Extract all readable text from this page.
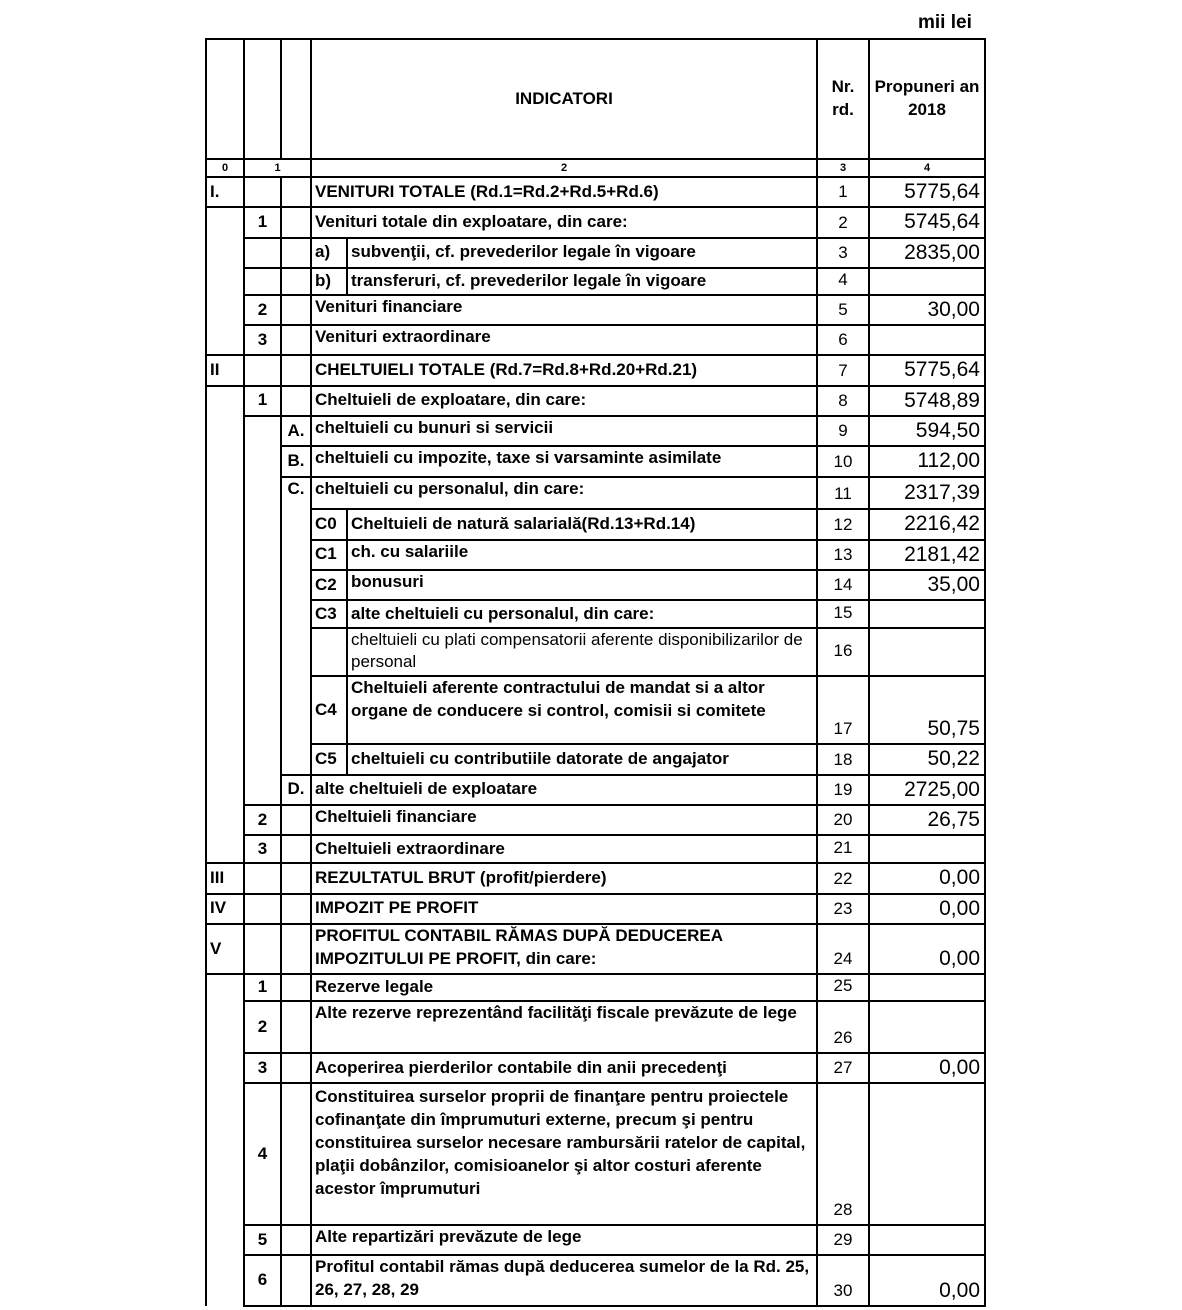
mii lei
			INDICATORI		Nr. rd.	Propuneri an 2018
0	1		2		3	4
I.			VENITURI TOTALE (Rd.1=Rd.2+Rd.5+Rd.6)		1	5775,64
	1		Venituri totale din exploatare, din care:		2	5745,64
			a)	subvenţii, cf. prevederilor legale în vigoare	3	2835,00
			b)	transferuri, cf. prevederilor legale în vigoare	4	
	2		Venituri financiare		5	30,00
	3		Venituri extraordinare		6	
II			CHELTUIELI TOTALE (Rd.7=Rd.8+Rd.20+Rd.21)		7	5775,64
	1		Cheltuieli de exploatare, din care:		8	5748,89
		A.	cheltuieli cu bunuri si servicii		9	594,50
		B.	cheltuieli cu impozite, taxe si varsaminte asimilate		10	112,00
		C.	cheltuieli cu personalul, din care:		11	2317,39
			C0	Cheltuieli de natură salarială(Rd.13+Rd.14)	12	2216,42
			C1	ch. cu salariile	13	2181,42
			C2	bonusuri	14	35,00
			C3	alte cheltuieli cu personalul, din care:	15	
				cheltuieli cu plati compensatorii aferente disponibilizarilor de personal	16	
			C4	Cheltuieli aferente contractului de mandat si a altor organe de conducere si control, comisii si comitete	17	50,75
			C5	cheltuieli cu contributiile datorate de angajator	18	50,22
		D.	alte cheltuieli de exploatare		19	2725,00
	2		Cheltuieli financiare		20	26,75
	3		Cheltuieli extraordinare		21	
III			REZULTATUL BRUT (profit/pierdere)		22	0,00
IV			IMPOZIT PE PROFIT		23	0,00
V			PROFITUL CONTABIL RĂMAS DUPĂ DEDUCEREA IMPOZITULUI PE PROFIT, din care:		24	0,00
	1		Rezerve legale		25	
	2		Alte rezerve reprezentând facilităţi fiscale prevăzute de lege		26	
	3		Acoperirea pierderilor contabile din anii precedenţi		27	0,00
	4		Constituirea surselor proprii de finanţare pentru proiectele cofinanţate din împrumuturi externe, precum şi pentru constituirea surselor necesare rambursării ratelor de capital, plaţii dobânzilor, comisioanelor şi altor costuri aferente acestor împrumuturi		28	
	5		Alte repartizări prevăzute de lege		29	
	6		Profitul contabil rămas după deducerea sumelor de la Rd. 25, 26, 27, 28, 29		30	0,00
